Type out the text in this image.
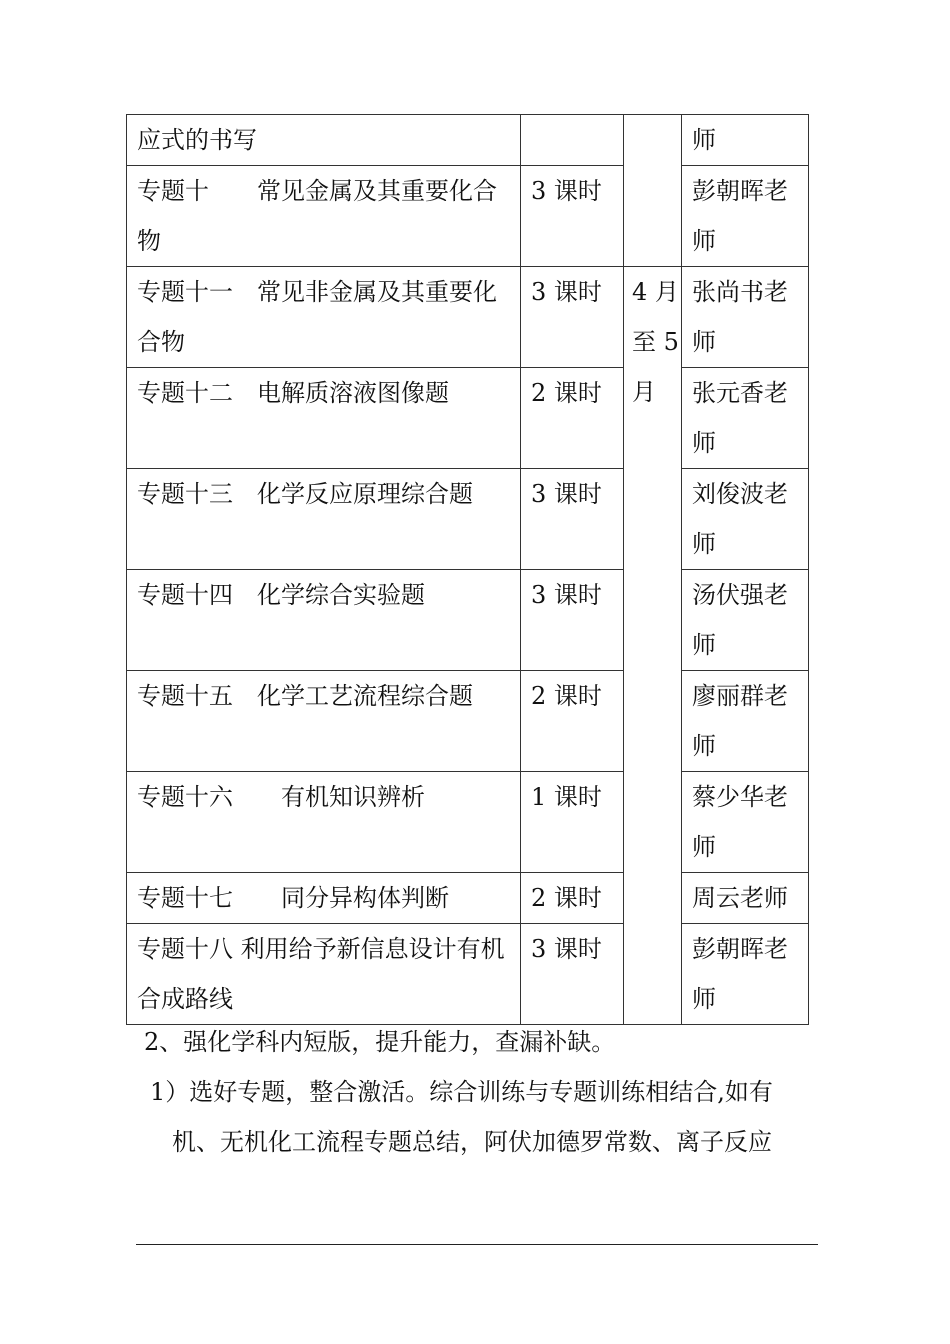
应式的书写			师
专题十　　常见金属及其重要化合物	3 课时		彭朝晖老师
专题十一　常见非金属及其重要化合物	3 课时	4 月至 5 月	张尚书老师
专题十二　电解质溶液图像题	2 课时		张元香老师
专题十三　化学反应原理综合题	3 课时		刘俊波老师
专题十四　化学综合实验题	3 课时		汤伏强老师
专题十五　化学工艺流程综合题	2 课时		廖丽群老师
专题十六　　有机知识辨析	1 课时		蔡少华老师
专题十七　　同分异构体判断	2 课时		周云老师
专题十八 利用给予新信息设计有机合成路线	3 课时		彭朝晖老师
2、强化学科内短版，提升能力，查漏补缺。
1）选好专题，整合激活。综合训练与专题训练相结合,如有
机、无机化工流程专题总结，阿伏加德罗常数、离子反应
